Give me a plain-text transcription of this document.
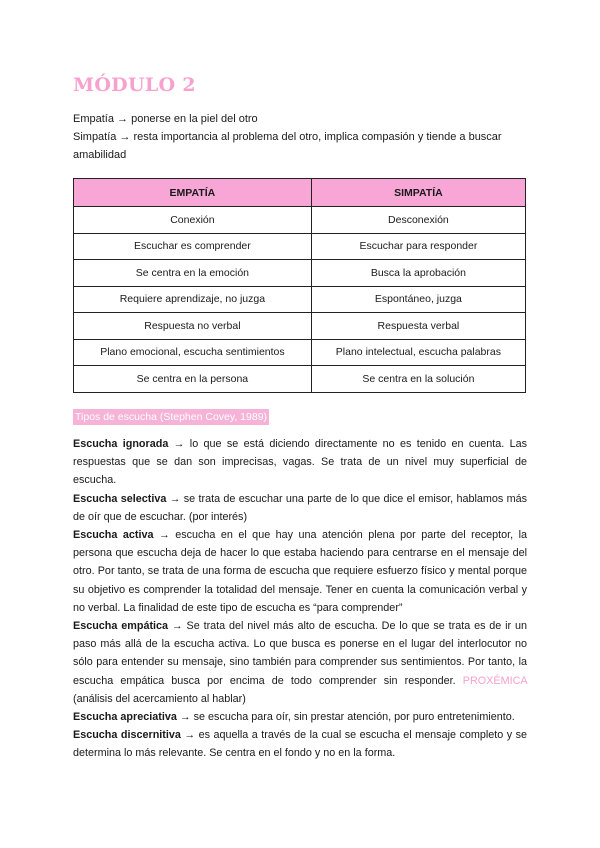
MÓDULO 2

Empatía → ponerse en la piel del otro

Simpatía → resta importancia al problema del otro, implica compasión y tiende a buscar amabilidad

EMPATÍA	SIMPATÍA
Conexión	Desconexión
Escuchar es comprender	Escuchar para responder
Se centra en la emoción	Busca la aprobación
Requiere aprendizaje, no juzga	Espontáneo, juzga
Respuesta no verbal	Respuesta verbal
Plano emocional, escucha sentimientos	Plano intelectual, escucha palabras
Se centra en la persona	Se centra en la solución
Tipos de escucha (Stephen Covey, 1989)

Escucha ignorada → lo que se está diciendo directamente no es tenido en cuenta. Las respuestas que se dan son imprecisas, vagas. Se trata de un nivel muy superficial de escucha.

Escucha selectiva → se trata de escuchar una parte de lo que dice el emisor, hablamos más de oír que de escuchar. (por interés)

Escucha activa → escucha en el que hay una atención plena por parte del receptor, la persona que escucha deja de hacer lo que estaba haciendo para centrarse en el mensaje del otro. Por tanto, se trata de una forma de escucha que requiere esfuerzo físico y mental porque su objetivo es comprender la totalidad del mensaje. Tener en cuenta la comunicación verbal y no verbal. La finalidad de este tipo de escucha es “para comprender”

Escucha empática → Se trata del nivel más alto de escucha. De lo que se trata es de ir un paso más allá de la escucha activa. Lo que busca es ponerse en el lugar del interlocutor no sólo para entender su mensaje, sino también para comprender sus sentimientos. Por tanto, la escucha empática busca por encima de todo comprender sin responder. PROXÉMICA (análisis del acercamiento al hablar)

Escucha apreciativa → se escucha para oír, sin prestar atención, por puro entretenimiento.

Escucha discernitiva → es aquella a través de la cual se escucha el mensaje completo y se determina lo más relevante. Se centra en el fondo y no en la forma.
